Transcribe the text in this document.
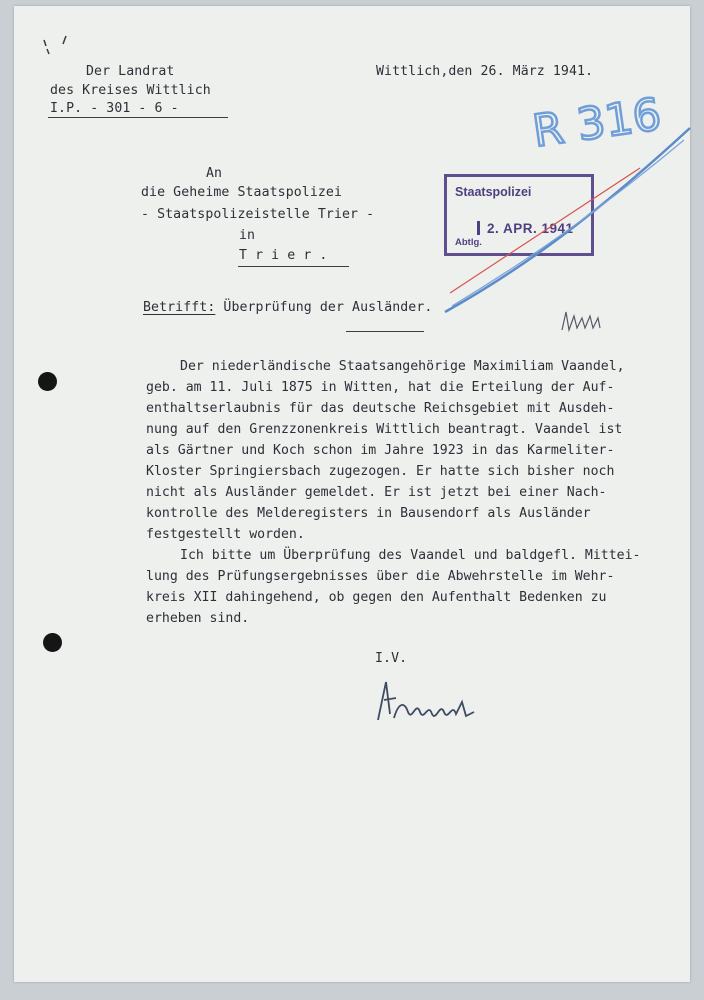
Der Landrat
des Kreises Wittlich
I.P. - 301 - 6 -
Wittlich,den 26. März 1941.
An
die Geheime Staatspolizei
- Staatspolizeistelle Trier -
in
T r i e r .
Staatspolizei
2. APR. 1941
Abtlg.
Betrifft: Überprüfung der Ausländer.
Der niederländische Staatsangehörige Maximiliam Vaandel,
geb. am 11. Juli 1875 in Witten, hat die Erteilung der Auf-
enthaltserlaubnis für das deutsche Reichsgebiet mit Ausdeh-
nung auf den Grenzzonenkreis Wittlich beantragt. Vaandel ist
als Gärtner und Koch schon im Jahre 1923 in das Karmeliter-
Kloster Springiersbach zugezogen. Er hatte sich bisher noch
nicht als Ausländer gemeldet. Er ist jetzt bei einer Nach-
kontrolle des Melderegisters in Bausendorf als Ausländer
festgestellt worden.
Ich bitte um Überprüfung des Vaandel und baldgefl. Mittei-
lung des Prüfungsergebnisses über die Abwehrstelle im Wehr-
kreis XII dahingehend, ob gegen den Aufenthalt Bedenken zu
erheben sind.
I.V.
R 316
